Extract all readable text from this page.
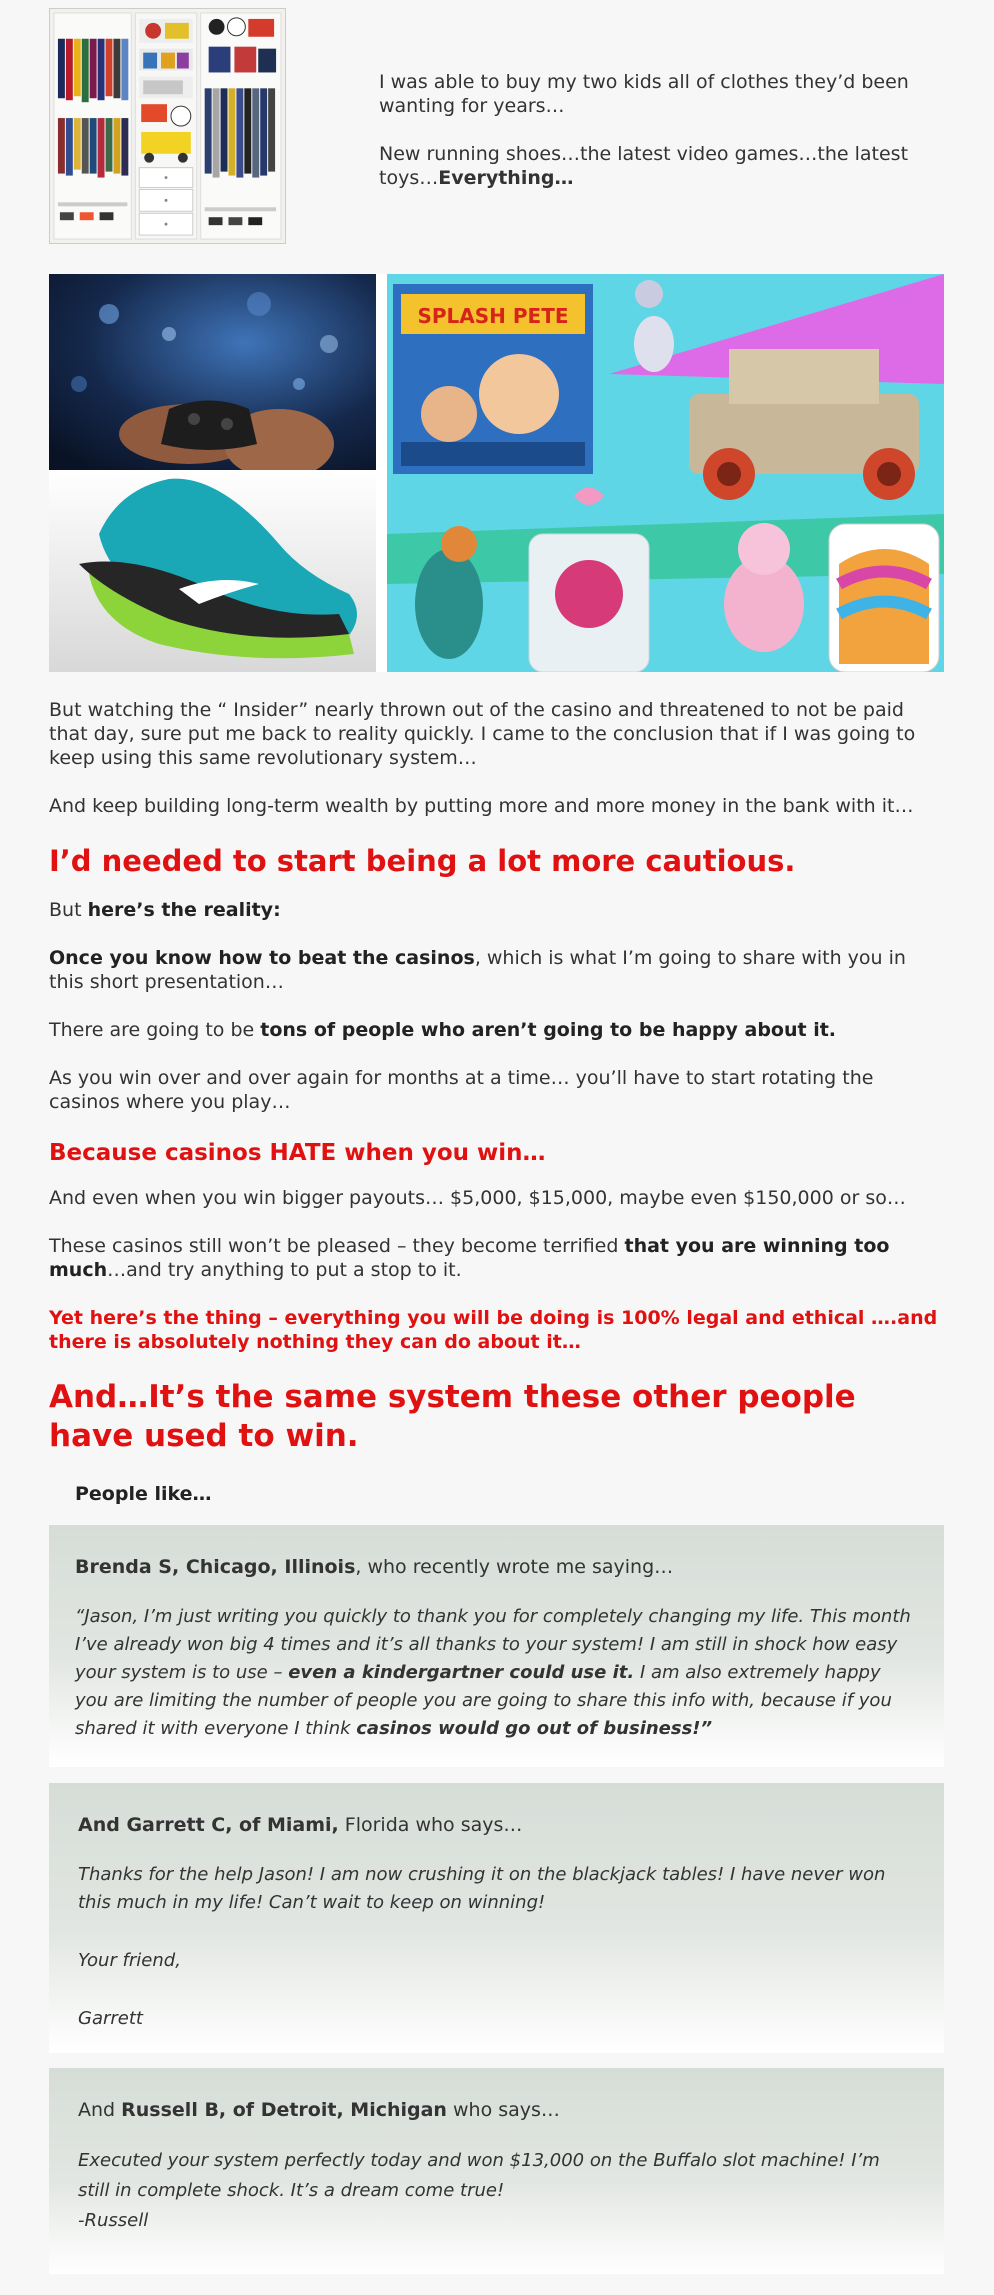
I was able to buy my two kids all of clothes they’d been wanting for years…

New running shoes…the latest video games…the latest toys…Everything…

SPLASH PETE

But watching the “ Insider” nearly thrown out of the casino and threatened to not be paid that day, sure put me back to reality quickly. I came to the conclusion that if I was going to keep using this same revolutionary system…

And keep building long-term wealth by putting more and more money in the bank with it…

I’d needed to start being a lot more cautious.

But here’s the reality:

Once you know how to beat the casinos, which is what I’m going to share with you in this short presentation…

There are going to be tons of people who aren’t going to be happy about it.

As you win over and over again for months at a time… you’ll have to start rotating the casinos where you play…

Because casinos HATE when you win…

And even when you win bigger payouts… $5,000, $15,000, maybe even $150,000 or so…

These casinos still won’t be pleased – they become terrified that you are winning too much…and try anything to put a stop to it.

Yet here’s the thing – everything you will be doing is 100% legal and ethical ….and there is absolutely nothing they can do about it…

And…It’s the same system these other people have used to win.
People like…
Brenda S, Chicago, Illinois, who recently wrote me saying…
“Jason, I’m just writing you quickly to thank you for completely changing my life. This month I’ve already won big 4 times and it’s all thanks to your system! I am still in shock how easy your system is to use – even a kindergartner could use it. I am also extremely happy you are limiting the number of people you are going to share this info with, because if you shared it with everyone I think casinos would go out of business!”
And Garrett C, of Miami, Florida who says…
Thanks for the help Jason! I am now crushing it on the blackjack tables! I have never won this much in my life! Can’t wait to keep on winning!
Your friend,
Garrett
And Russell B, of Detroit, Michigan who says…
Executed your system perfectly today and won $13,000 on the Buffalo slot machine! I’m still in complete shock. It’s a dream come true!
-Russell
